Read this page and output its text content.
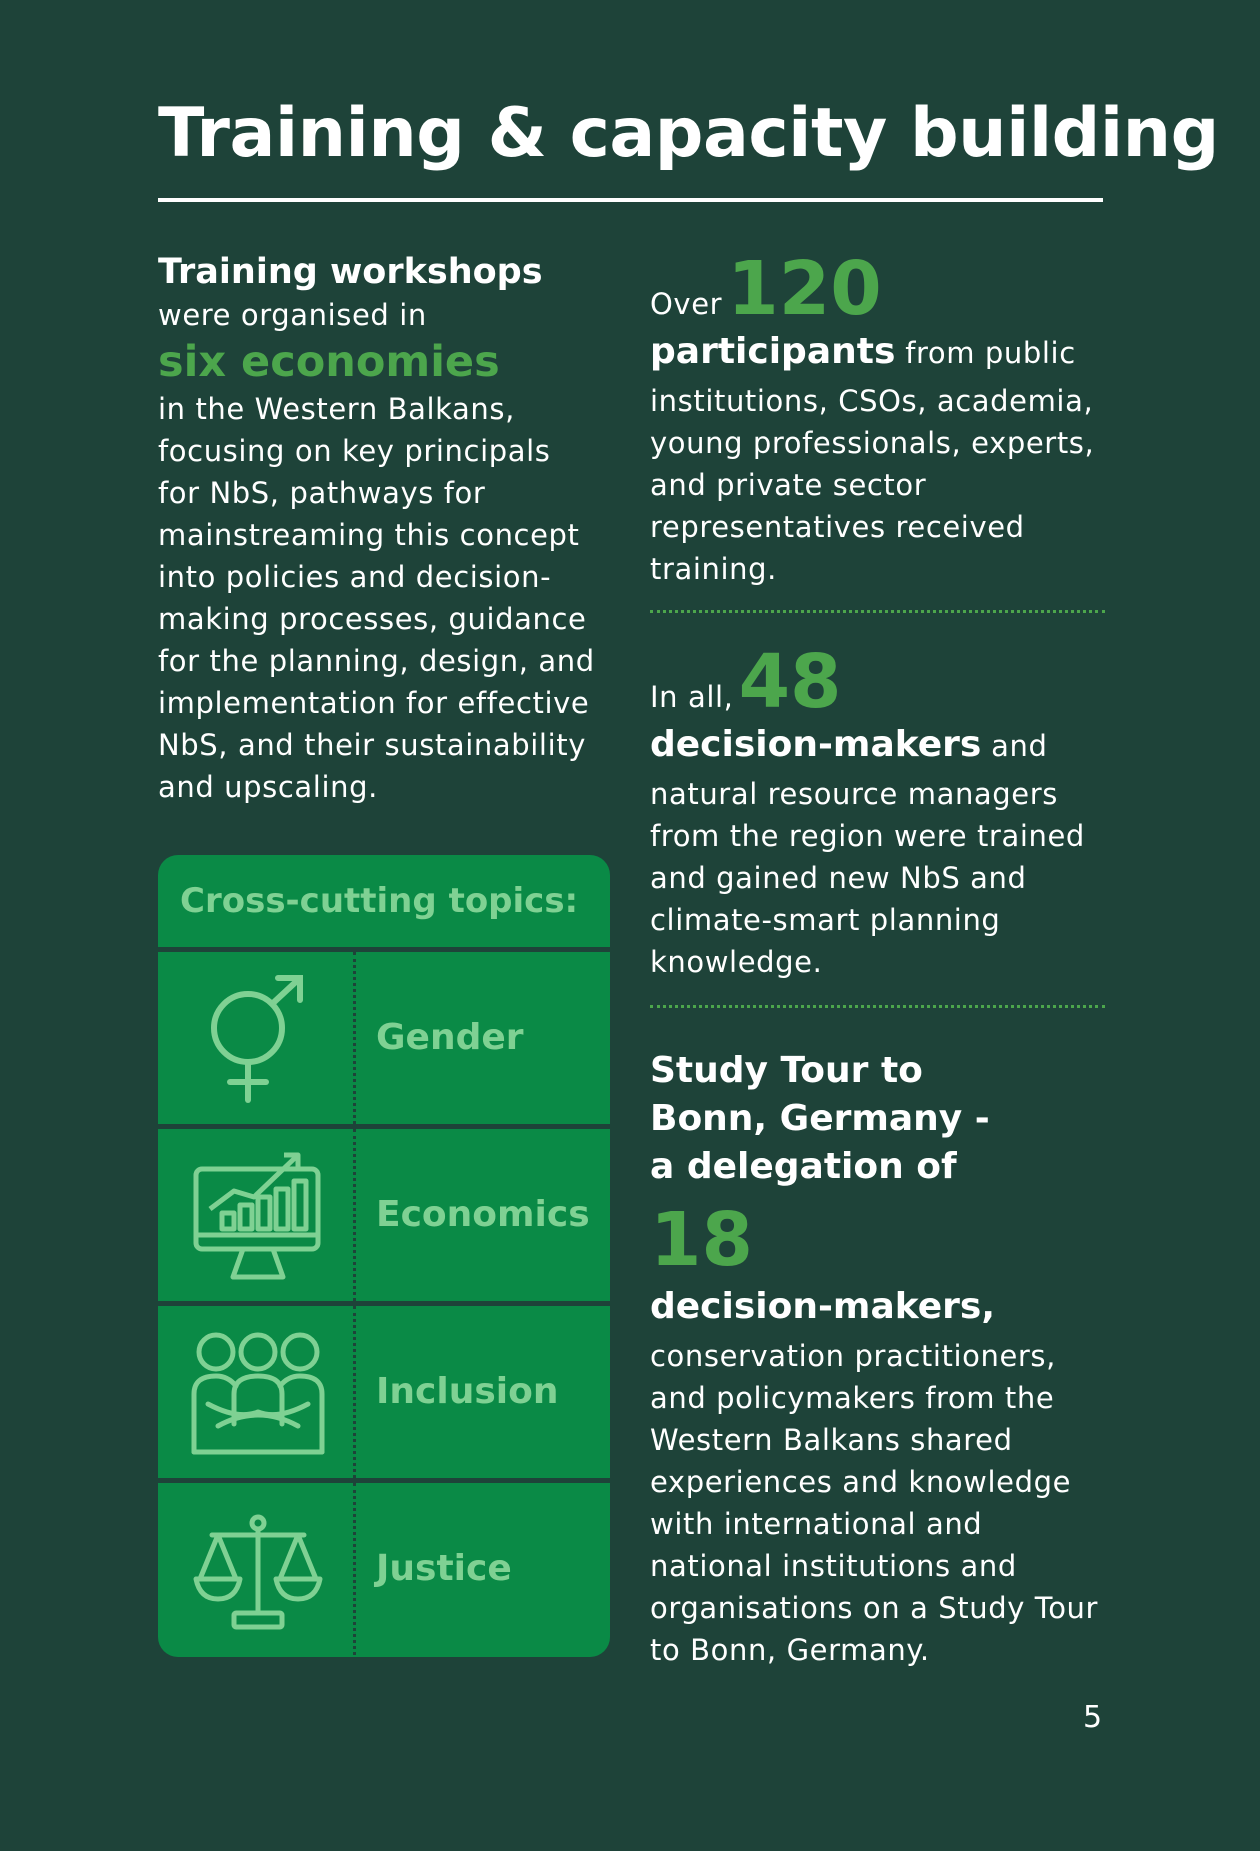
Training & capacity building
Training workshops
were organised in
six economies
in the Western Balkans, focusing on key principals for NbS, pathways for mainstreaming this concept into policies and decision-making processes, guidance for the planning, design, and implementation for effective NbS, and their sustainability and upscaling.
Cross-cutting topics:
Gender
Economics
Inclusion
Justice
Over 120
participants from public
institutions, CSOs, academia, young professionals, experts, and private sector representatives received training.
In all, 48
decision-makers and
natural resource managers from the region were trained and gained new NbS and climate-smart planning knowledge.
Study Tour to
Bonn, Germany -
a delegation of
18
decision-makers,
conservation practitioners, and policymakers from the Western Balkans shared experiences and knowledge with international and national institutions and organisations on a Study Tour to Bonn, Germany.
5
